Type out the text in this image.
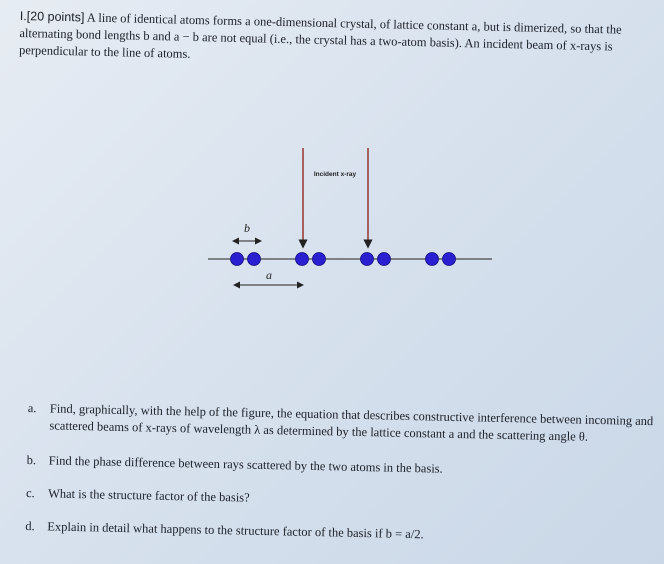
I.[20 points] A line of identical atoms forms a one-dimensional crystal, of lattice constant a, but is dimerized, so that the alternating bond lengths b and a − b are not equal (i.e., the crystal has a two-atom basis). An incident beam of x-rays is perpendicular to the line of atoms.
Incident x-ray
b
a
a. Find, graphically, with the help of the figure, the equation that describes constructive interference between incoming and scattered beams of x-rays of wavelength λ as determined by the lattice constant a and the scattering angle θ.
b. Find the phase difference between rays scattered by the two atoms in the basis.
c. What is the structure factor of the basis?
d. Explain in detail what happens to the structure factor of the basis if b = a/2.
